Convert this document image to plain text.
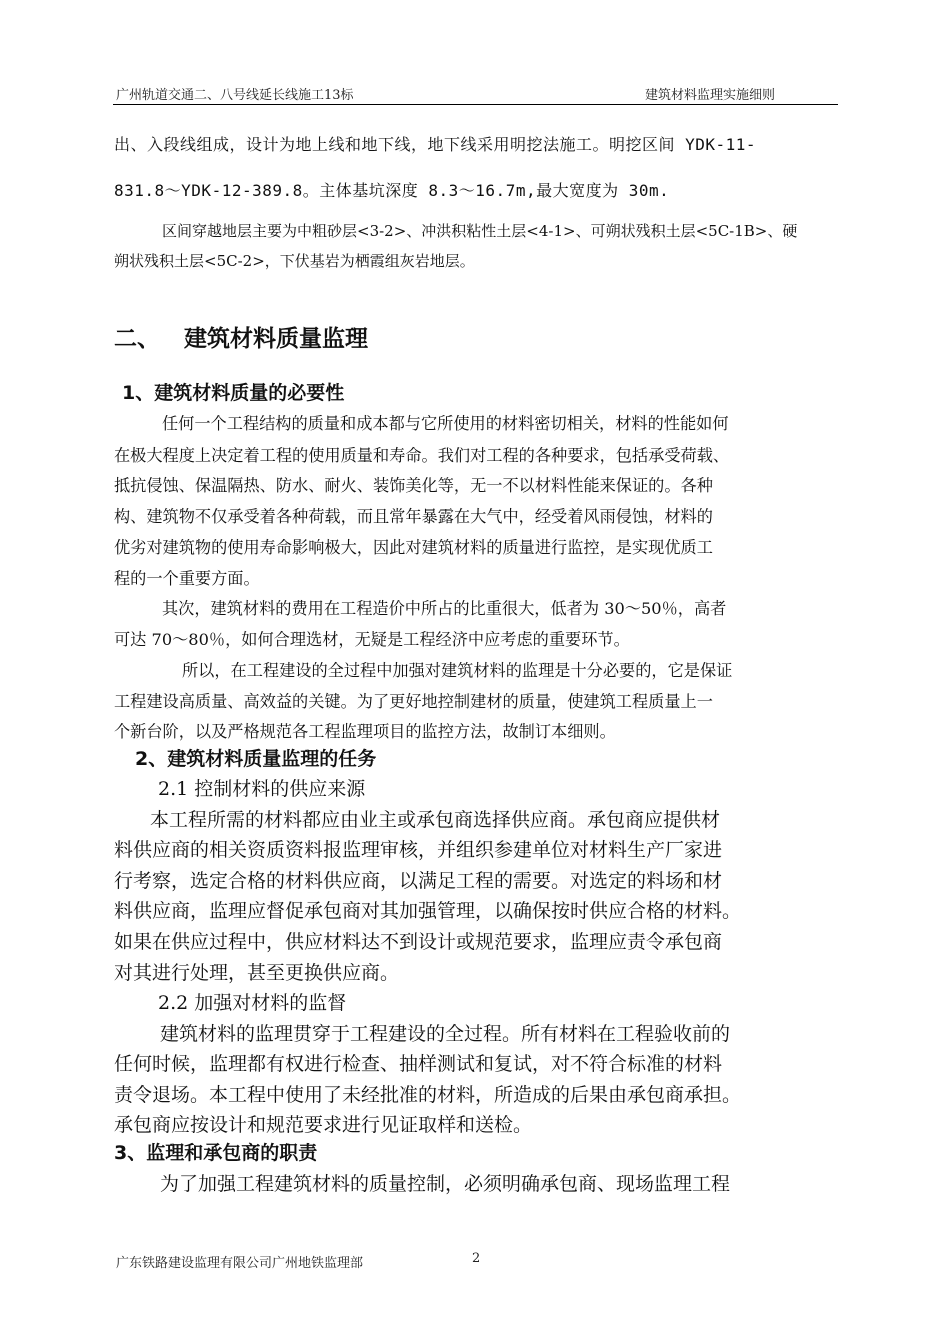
广州轨道交通二、八号线延长线施工13标	建筑材料监理实施细则
出、入段线组成，设计为地上线和地下线，地下线采用明挖法施工。明挖区间 YDK-11-
831.8～YDK-12-389.8。主体基坑深度 8.3～16.7m,最大宽度为 30m.
区间穿越地层主要为中粗砂层<3-2>、冲洪积粘性土层<4-1>、可朔状残积土层<5C-1B>、硬
朔状残积土层<5C-2>，下伏基岩为栖霞组灰岩地层。
二、   建筑材料质量监理
1、建筑材料质量的必要性
任何一个工程结构的质量和成本都与它所使用的材料密切相关，材料的性能如何
在极大程度上决定着工程的使用质量和寿命。我们对工程的各种要求，包括承受荷载、
抵抗侵蚀、保温隔热、防水、耐火、装饰美化等，无一不以材料性能来保证的。各种
构、建筑物不仅承受着各种荷载，而且常年暴露在大气中，经受着风雨侵蚀，材料的
优劣对建筑物的使用寿命影响极大，因此对建筑材料的质量进行监控，是实现优质工
程的一个重要方面。
其次，建筑材料的费用在工程造价中所占的比重很大，低者为 30～50％，高者
可达 70～80％，如何合理选材，无疑是工程经济中应考虑的重要环节。
所以，在工程建设的全过程中加强对建筑材料的监理是十分必要的，它是保证
工程建设高质量、高效益的关键。为了更好地控制建材的质量，使建筑工程质量上一
个新台阶，以及严格规范各工程监理项目的监控方法，故制订本细则。
2、建筑材料质量监理的任务
2.1 控制材料的供应来源
本工程所需的材料都应由业主或承包商选择供应商。承包商应提供材
料供应商的相关资质资料报监理审核，并组织参建单位对材料生产厂家进
行考察，选定合格的材料供应商，以满足工程的需要。对选定的料场和材
料供应商，监理应督促承包商对其加强管理，以确保按时供应合格的材料。
如果在供应过程中，供应材料达不到设计或规范要求，监理应责令承包商
对其进行处理，甚至更换供应商。
2.2 加强对材料的监督
建筑材料的监理贯穿于工程建设的全过程。所有材料在工程验收前的
任何时候，监理都有权进行检查、抽样测试和复试，对不符合标准的材料
责令退场。本工程中使用了未经批准的材料，所造成的后果由承包商承担。
承包商应按设计和规范要求进行见证取样和送检。
3、监理和承包商的职责
为了加强工程建筑材料的质量控制，必须明确承包商、现场监理工程
广东铁路建设监理有限公司广州地铁监理部	2
